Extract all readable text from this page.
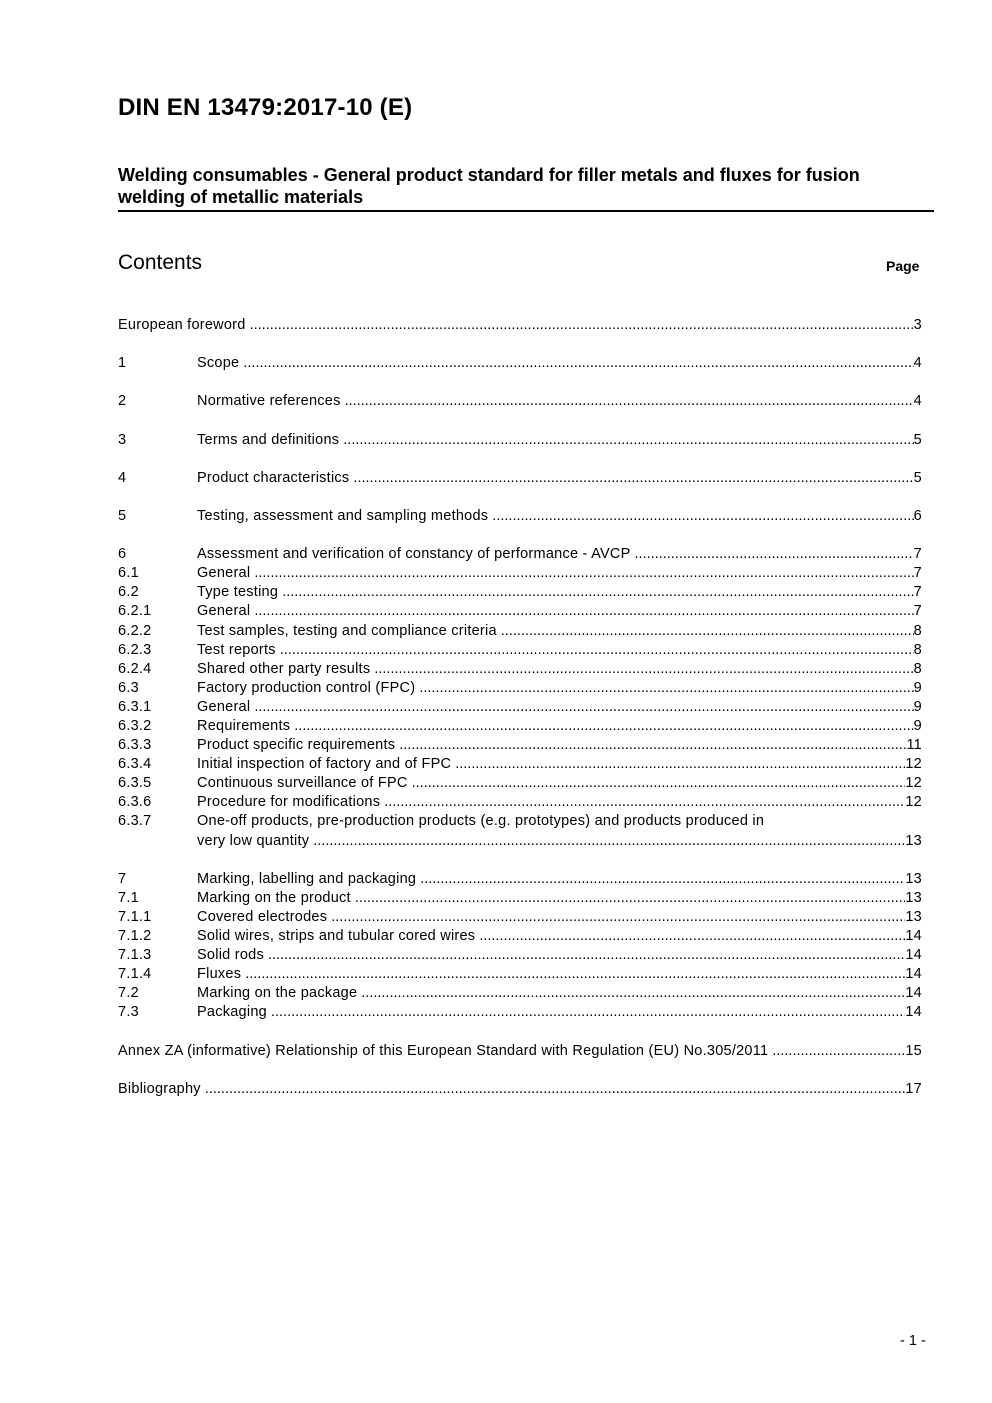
DIN EN 13479:2017-10 (E)
Welding consumables - General product standard for filler metals and fluxes for fusion welding of metallic materials
Contents	Page
European foreword .....	3
1	Scope .....	4
2	Normative references .....	4
3	Terms and definitions .....	5
4	Product characteristics .....	5
5	Testing, assessment and sampling methods .....	6
6	Assessment and verification of constancy of performance - AVCP .....	7
6.1	General .....	7
6.2	Type testing .....	7
6.2.1	General .....	7
6.2.2	Test samples, testing and compliance criteria .....	8
6.2.3	Test reports .....	8
6.2.4	Shared other party results .....	8
6.3	Factory production control (FPC) .....	9
6.3.1	General .....	9
6.3.2	Requirements .....	9
6.3.3	Product specific requirements .....	11
6.3.4	Initial inspection of factory and of FPC .....	12
6.3.5	Continuous surveillance of FPC .....	12
6.3.6	Procedure for modifications .....	12
6.3.7	One-off products, pre-production products (e.g. prototypes) and products produced in
very low quantity .....	13
7	Marking, labelling and packaging .....	13
7.1	Marking on the product .....	13
7.1.1	Covered electrodes .....	13
7.1.2	Solid wires, strips and tubular cored wires .....	14
7.1.3	Solid rods .....	14
7.1.4	Fluxes .....	14
7.2	Marking on the package .....	14
7.3	Packaging .....	14
Annex ZA (informative) Relationship of this European Standard with Regulation (EU) No.305/2011 .....	15
Bibliography .....	17
- 1 -
